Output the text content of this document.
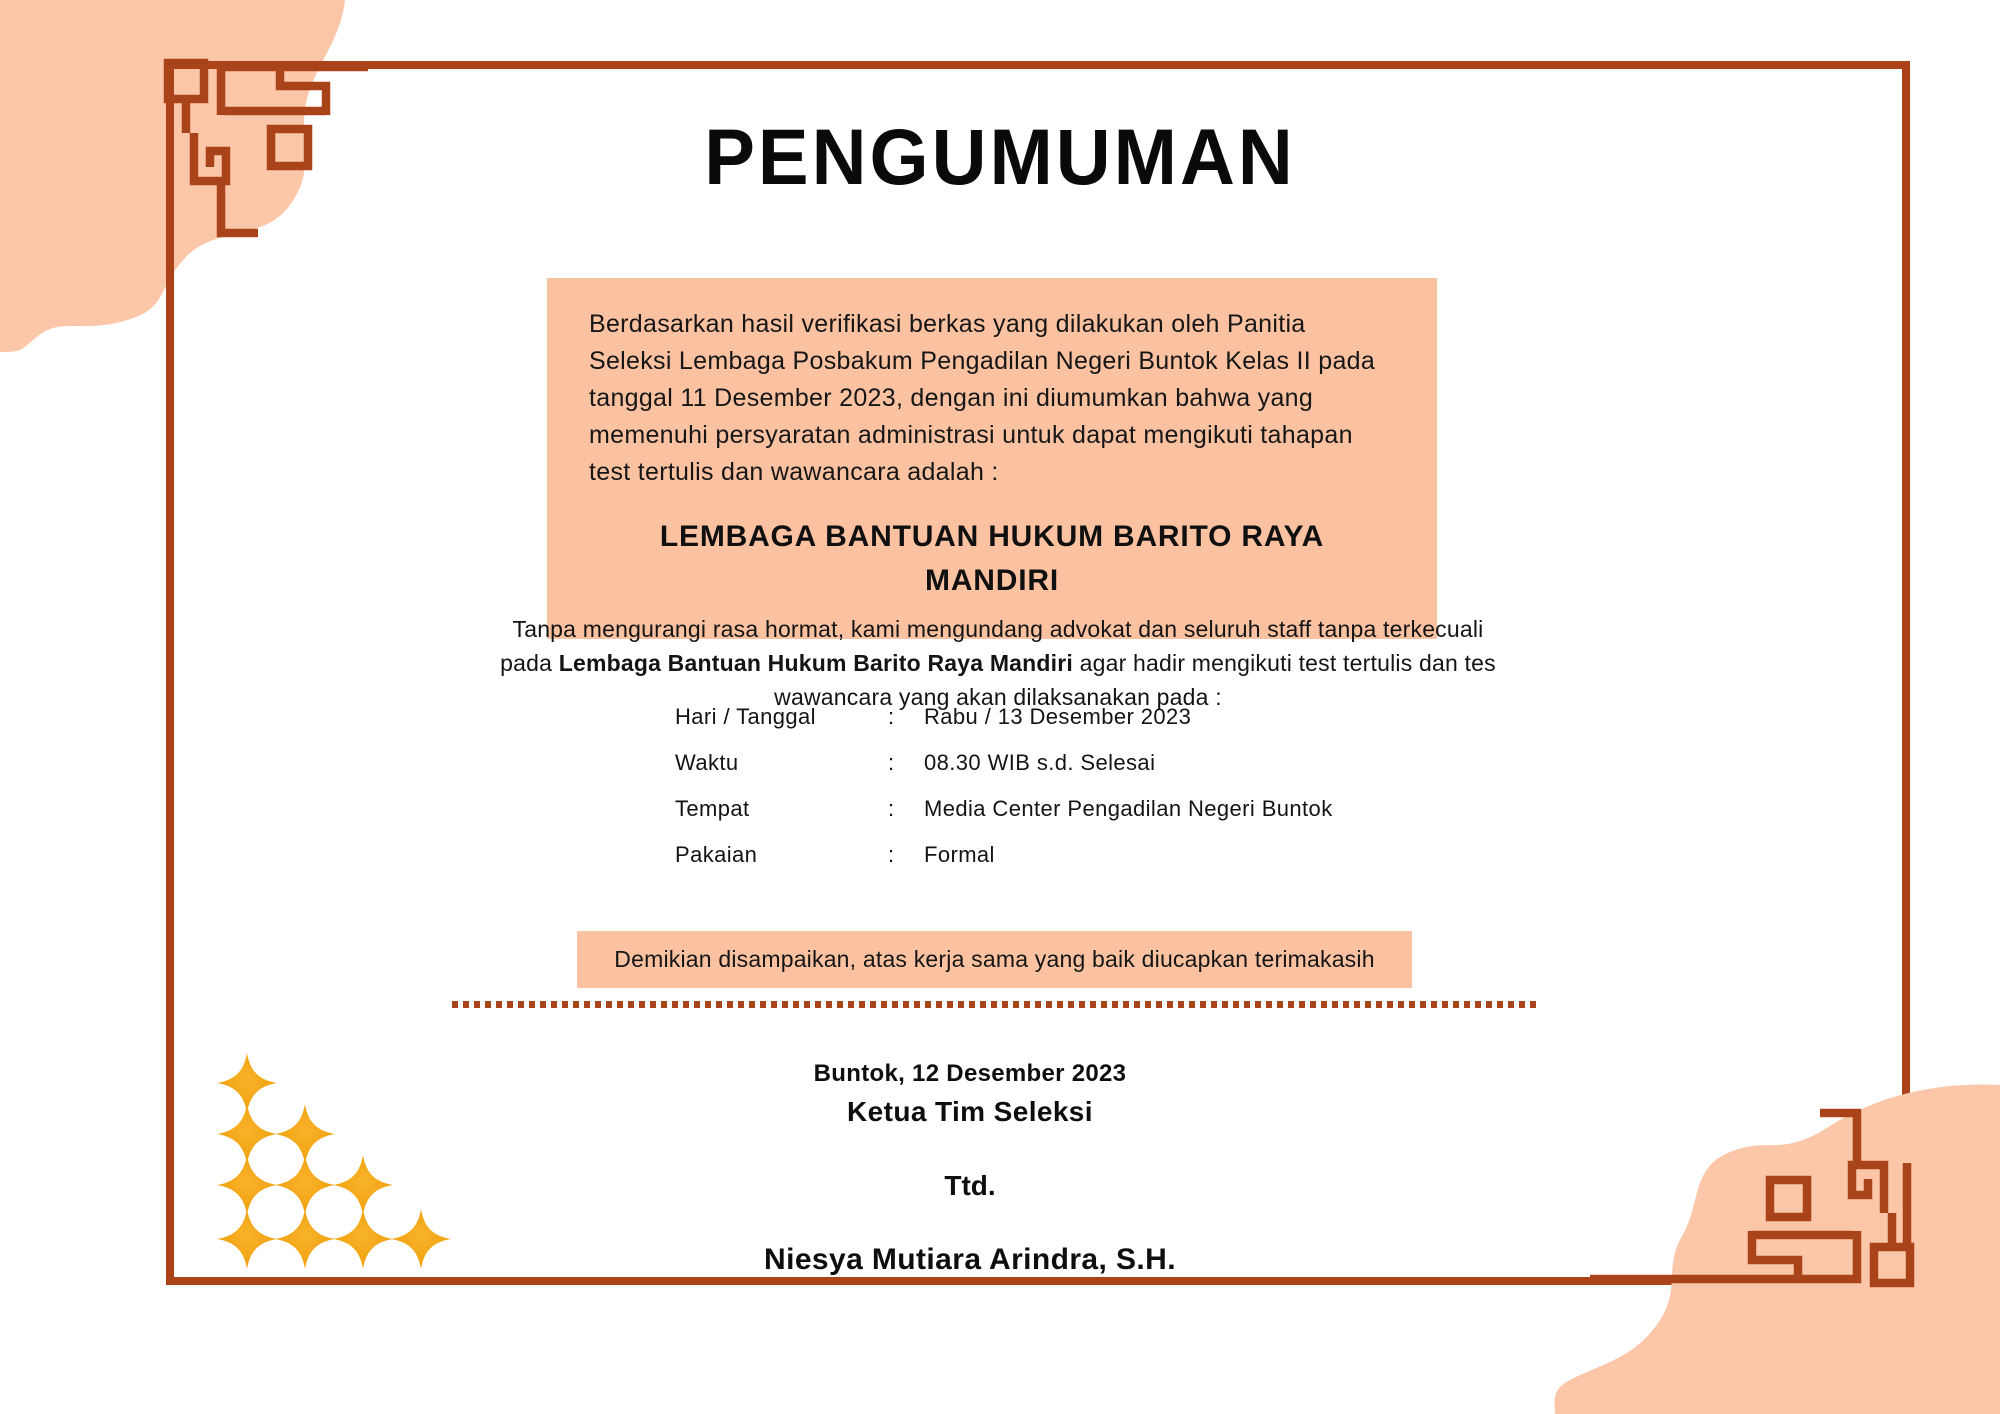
PENGUMUMAN

Berdasarkan hasil verifikasi berkas yang dilakukan oleh Panitia Seleksi Lembaga Posbakum Pengadilan Negeri Buntok Kelas II pada tanggal 11 Desember 2023, dengan ini diumumkan bahwa yang memenuhi persyaratan administrasi untuk dapat mengikuti tahapan test tertulis dan wawancara adalah :

LEMBAGA BANTUAN HUKUM BARITO RAYA MANDIRI

Tanpa mengurangi rasa hormat, kami mengundang advokat dan seluruh staff tanpa terkecuali pada Lembaga Bantuan Hukum Barito Raya Mandiri agar hadir mengikuti test tertulis dan tes wawancara yang akan dilaksanakan pada :

Hari / Tanggal	:	Rabu / 13 Desember 2023
Waktu	:	08.30 WIB s.d. Selesai
Tempat	:	Media Center Pengadilan Negeri Buntok
Pakaian	:	Formal
Demikian disampaikan, atas kerja sama yang baik diucapkan terimakasih

Buntok, 12 Desember 2023

Ketua Tim Seleksi

Ttd.

Niesya Mutiara Arindra, S.H.
